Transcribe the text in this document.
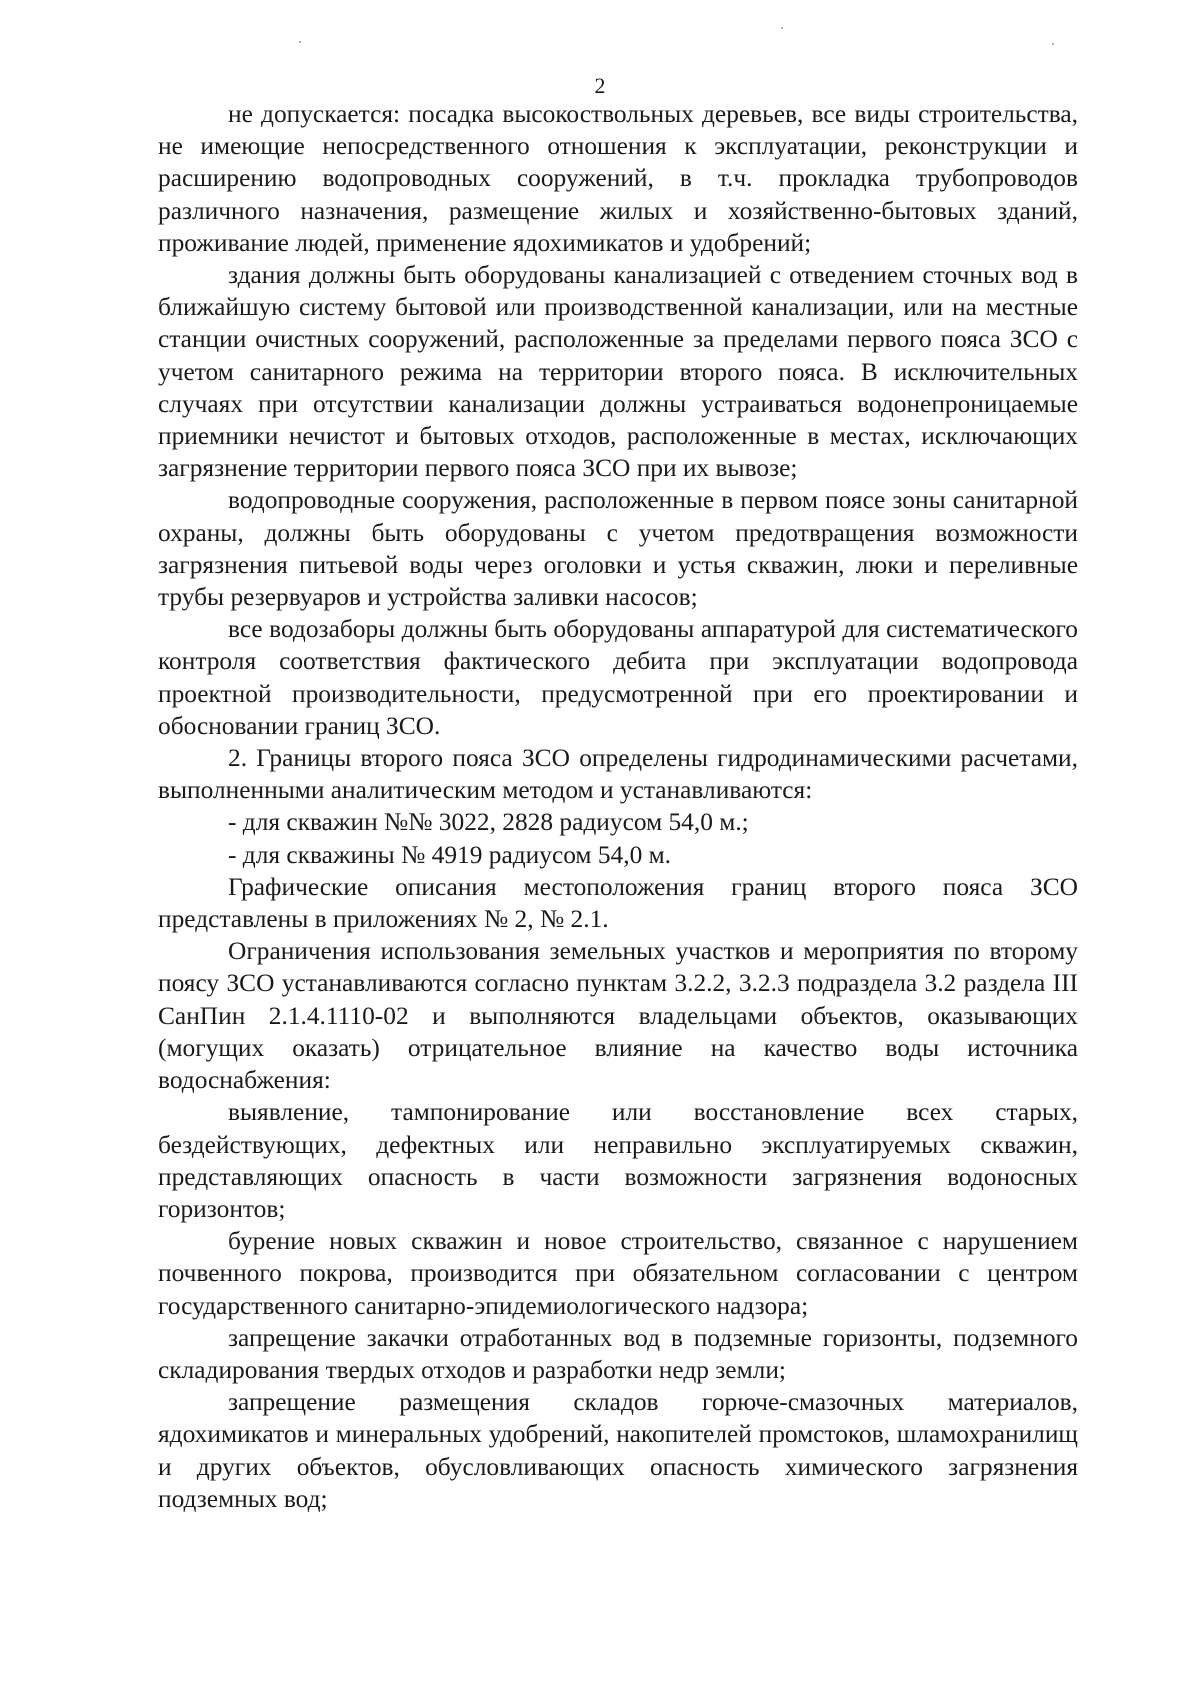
2

не допускается: посадка высокоствольных деревьев, все виды строительства, не имеющие непосредственного отношения к эксплуатации, реконструкции и расширению водопроводных сооружений, в т.ч. прокладка трубопроводов различного назначения, размещение жилых и хозяйственно-бытовых зданий, проживание людей, применение ядохимикатов и удобрений;

здания должны быть оборудованы канализацией с отведением сточных вод в ближайшую систему бытовой или производственной канализации, или на местные станции очистных сооружений, расположенные за пределами первого пояса ЗСО с учетом санитарного режима на территории второго пояса. В исключительных случаях при отсутствии канализации должны устраиваться водонепроницаемые приемники нечистот и бытовых отходов, расположенные в местах, исключающих загрязнение территории первого пояса ЗСО при их вывозе;

водопроводные сооружения, расположенные в первом поясе зоны санитарной охраны, должны быть оборудованы с учетом предотвращения возможности загрязнения питьевой воды через оголовки и устья скважин, люки и переливные трубы резервуаров и устройства заливки насосов;

все водозаборы должны быть оборудованы аппаратурой для систематического контроля соответствия фактического дебита при эксплуатации водопровода проектной производительности, предусмотренной при его проектировании и обосновании границ ЗСО.

2. Границы второго пояса ЗСО определены гидродинамическими расчетами, выполненными аналитическим методом и устанавливаются:

- для скважин №№ 3022, 2828 радиусом 54,0 м.;

- для скважины № 4919 радиусом 54,0 м.

Графические описания местоположения границ второго пояса ЗСО представлены в приложениях № 2, № 2.1.

Ограничения использования земельных участков и мероприятия по второму поясу ЗСО устанавливаются согласно пунктам 3.2.2, 3.2.3 подраздела 3.2 раздела III СанПин 2.1.4.1110-02 и выполняются владельцами объектов, оказывающих (могущих оказать) отрицательное влияние на качество воды источника водоснабжения:

выявление, тампонирование или восстановление всех старых, бездействующих, дефектных или неправильно эксплуатируемых скважин, представляющих опасность в части возможности загрязнения водоносных горизонтов;

бурение новых скважин и новое строительство, связанное с нарушением почвенного покрова, производится при обязательном согласовании с центром государственного санитарно-эпидемиологического надзора;

запрещение закачки отработанных вод в подземные горизонты, подземного складирования твердых отходов и разработки недр земли;

запрещение размещения складов горюче-смазочных материалов, ядохимикатов и минеральных удобрений, накопителей промстоков, шламохранилищ и других объектов, обусловливающих опасность химического загрязнения подземных вод;
